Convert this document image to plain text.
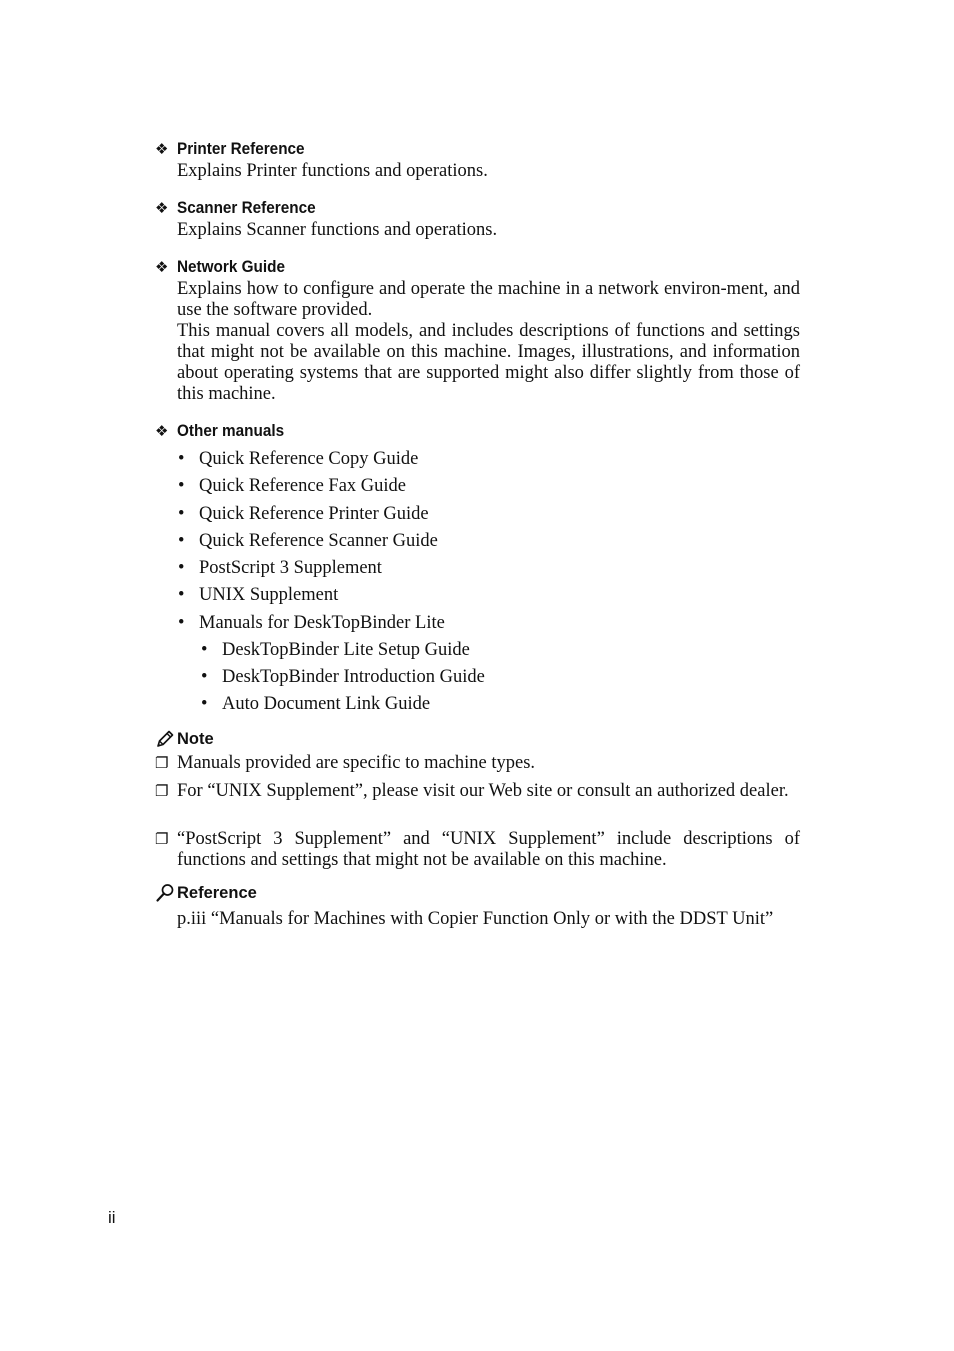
❖ Printer Reference

Explains Printer functions and operations.

❖ Scanner Reference

Explains Scanner functions and operations.

❖ Network Guide

Explains how to configure and operate the machine in a network environ-ment, and use the software provided.

This manual covers all models, and includes descriptions of functions and settings that might not be available on this machine. Images, illustrations, and information about operating systems that are supported might also differ slightly from those of this machine.

❖ Other manuals
• Quick Reference Copy Guide
• Quick Reference Fax Guide
• Quick Reference Printer Guide
• Quick Reference Scanner Guide
• PostScript 3 Supplement
• UNIX Supplement
• Manuals for DeskTopBinder Lite
• DeskTopBinder Lite Setup Guide
• DeskTopBinder Introduction Guide
• Auto Document Link Guide
Note
❐ Manuals provided are specific to machine types.
❐ For “UNIX Supplement”, please visit our Web site or consult an authorized dealer.
❐ “PostScript 3 Supplement” and “UNIX Supplement” include descriptions of functions and settings that might not be available on this machine.
Reference
p.iii “Manuals for Machines with Copier Function Only or with the DDST Unit”
ii
